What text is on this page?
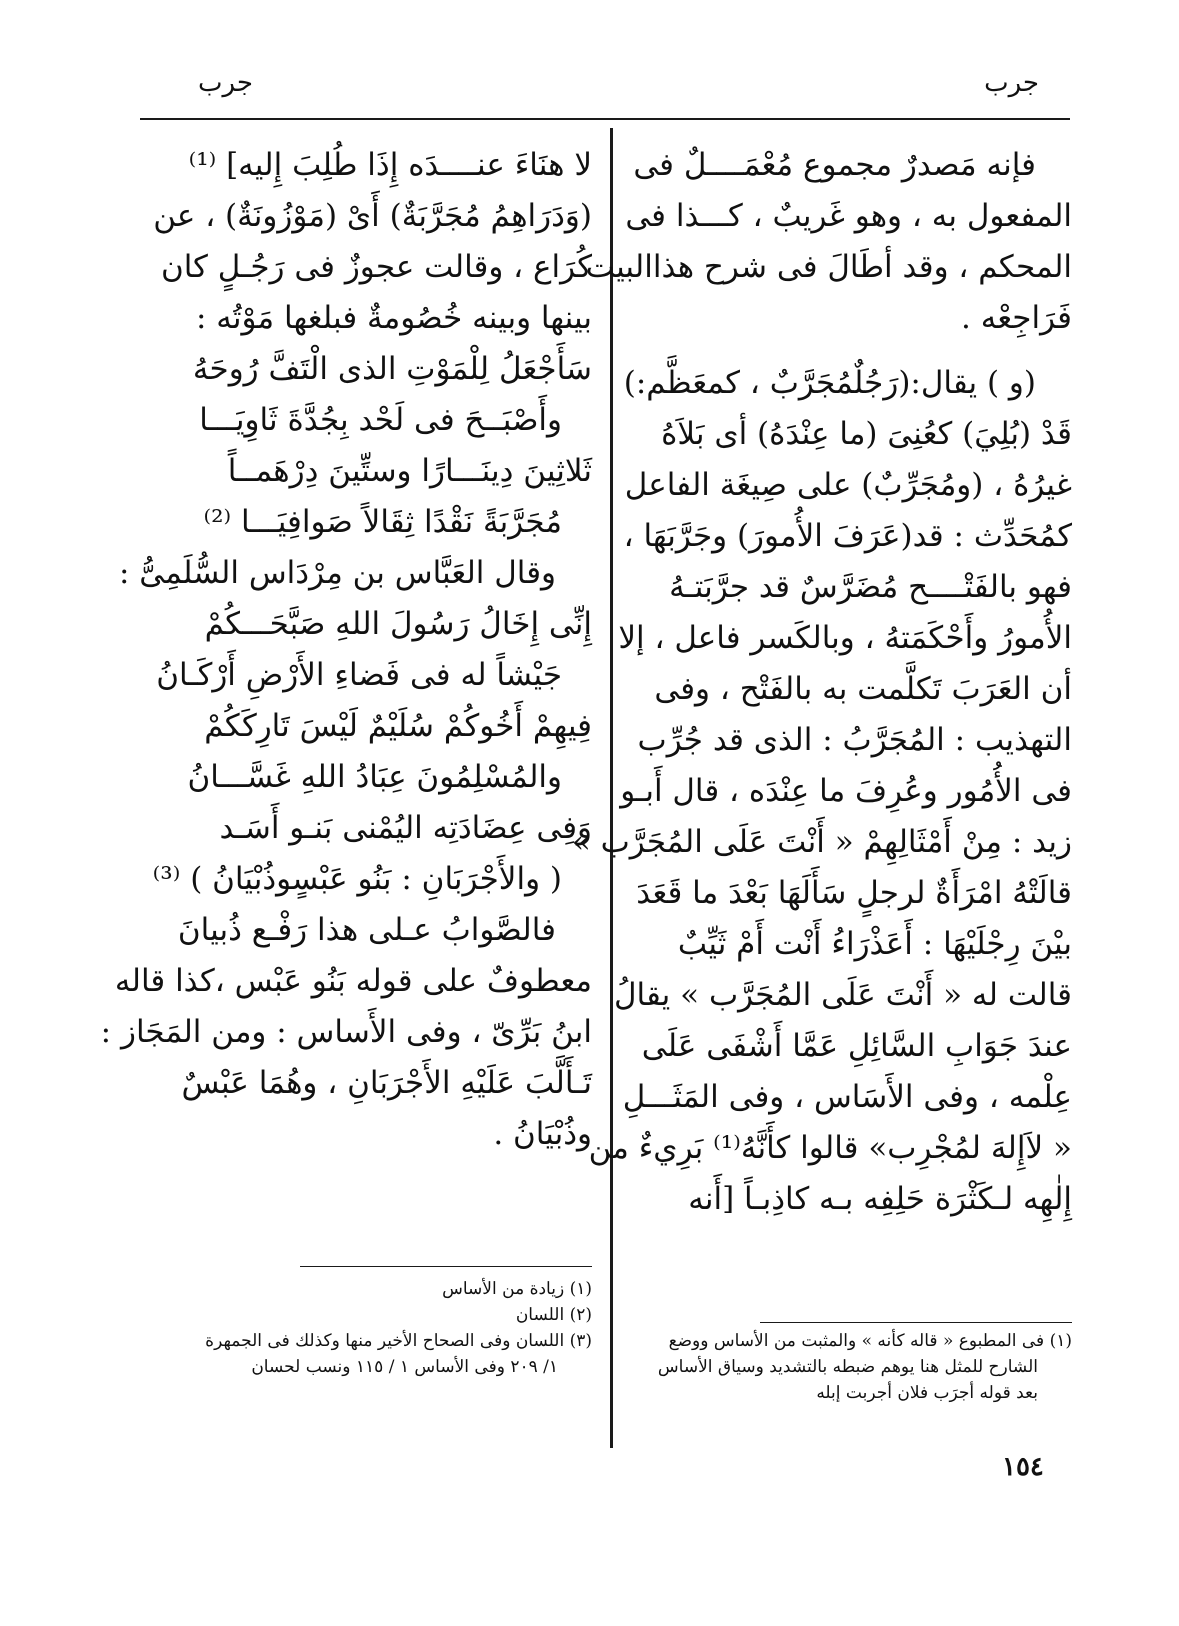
جرب
جرب

فإنه مَصدرٌ مجموع مُعْمَــــلٌ فى

المفعول به ، وهو غَريبٌ ، كـــذا فى

المحكم ، وقد أطَالَ فى شرح هذاالبيت

فَرَاجِعْه .

(و ) يقال:(رَجُلٌمُجَرَّبٌ ، كمعَظَّم:)

قَدْ (بُلِيَ) كعُنِىَ (ما عِنْدَهُ) أى بَلاَهُ

غيرُهُ ، (ومُجَرِّبٌ) على صِيغَة الفاعل

كمُحَدِّث : قد(عَرَفَ الأُمورَ) وجَرَّبَهَا ،

فهو بالفَتْــــح مُضَرَّسٌ قد جرَّبَتـهُ

الأُمورُ وأَحْكَمَتهُ ، وبالكَسر فاعل ، إلا

أن العَرَبَ تَكلَّمت به بالفَتْح ، وفى

التهذيب : المُجَرَّبُ : الذى قد جُرِّب

فى الأُمُور وعُرِفَ ما عِنْدَه ، قال أَبـو

زيد : مِنْ أَمْثَالِهِمْ « أَنْتَ عَلَى المُجَرَّب »

قالَتْهُ امْرَأَةٌ لرجلٍ سَأَلَهَا بَعْدَ ما قَعَدَ

بيْنَ رِجْلَيْهَا : أَعَذْرَاءُ أَنْت أَمْ ثَيِّبٌ

قالت له « أَنْتَ عَلَى المُجَرَّب » يقالُ

عندَ جَوَابِ السَّائِلِ عَمَّا أَشْفَى عَلَى

عِلْمه ، وفى الأَسَاس ، وفى المَثَـــلِ

« لاَإِلهَ لمُجْرِب» قالوا كأَنَّهُ⁽¹⁾ بَرِيءٌ من

إِلٰهِه لـكَثْرَة حَلِفِه بـه كاذِبـاً [أَنه

لا هنَاءَ عنــــدَه إِذَا طُلِبَ إِليه] ⁽¹⁾

(وَدَرَاهِمُ مُجَرَّبَةٌ) أَىْ (مَوْزُونَةٌ) ، عن

كُرَاع ، وقالت عجوزٌ فى رَجُـلٍ كان

بينها وبينه خُصُومةٌ فبلغها مَوْتُه :

سَأَجْعَلُ لِلْمَوْتِ الذى الْتَفَّ رُوحَهُ

وأَصْبَــحَ فى لَحْد بِجُدَّةَ ثَاوِيَـــا

ثَلاثِينَ دِينَـــارًا وستِّينَ دِرْهَمــاً

مُجَرَّبَةً نَقْدًا ثِقَالاً صَوافِيَـــا ⁽²⁾

وقال العَبَّاس بن مِرْدَاس السُّلَمِىُّ :

إِنِّى إِخَالُ رَسُولَ اللهِ صَبَّحَـــكُمْ

جَيْشاً له فى فَضاءِ الأَرْضِ أَرْكَـانُ

فِيهِمْ أَخُوكُمْ سُلَيْمٌ لَيْسَ تَارِكَكُمْ

والمُسْلِمُونَ عِبَادُ اللهِ غَسَّـــانُ

وَفِى عِضَادَتِه اليُمْنى بَنـو أَسَـد

( والأَجْرَبَانِ : بَنُو عَبْسٍوذُبْيَانُ ) ⁽³⁾

فالصَّوابُ عـلى هذا رَفْـع ذُبيانَ

معطوفٌ على قوله بَنُو عَبْس ،كذا قاله

ابنُ بَرِّىّ ، وفى الأَساس : ومن المَجَاز :

تَـأَلَّبَ عَلَيْهِ الأَجْرَبَانِ ، وهُمَا عَبْسٌ

وذُبْيَانُ .

(١) فى المطبوع « قاله كأنه » والمثبت من الأساس ووضع

الشارح للمثل هنا يوهم ضبطه بالتشديد وسياق الأساس

بعد قوله أجرَب فلان أجربت إبله

(١) زيادة من الأساس

(٢) اللسان

(٣) اللسان وفى الصحاح الأخير منها وكذلك فى الجمهرة

١/ ٢٠٩ وفى الأساس ١ / ١١٥ ونسب لحسان

١٥٤
